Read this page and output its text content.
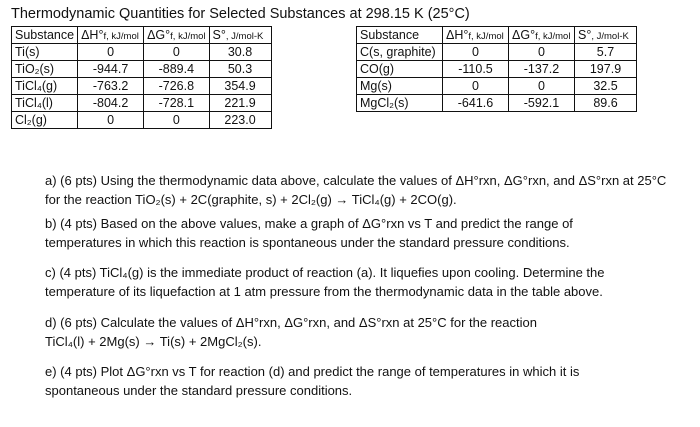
Thermodynamic Quantities for Selected Substances at 298.15 K (25°C)
Substance	ΔH°f, kJ/mol	ΔG°f, kJ/mol	S°, J/mol-K
Ti(s)	0	0	30.8
TiO₂(s)	-944.7	-889.4	50.3
TiCl₄(g)	-763.2	-726.8	354.9
TiCl₄(l)	-804.2	-728.1	221.9
Cl₂(g)	0	0	223.0
Substance	ΔH°f, kJ/mol	ΔG°f, kJ/mol	S°, J/mol-K
C(s, graphite)	0	0	5.7
CO(g)	-110.5	-137.2	197.9
Mg(s)	0	0	32.5
MgCl₂(s)	-641.6	-592.1	89.6

a) (6 pts) Using the thermodynamic data above, calculate the values of ΔH°rxn, ΔG°rxn, and ΔS°rxn at 25°C

for the reaction TiO₂(s) + 2C(graphite, s) + 2Cl₂(g) → TiCl₄(g) + 2CO(g).

b) (4 pts) Based on the above values, make a graph of ΔG°rxn vs T and predict the range of

temperatures in which this reaction is spontaneous under the standard pressure conditions.

c) (4 pts) TiCl₄(g) is the immediate product of reaction (a). It liquefies upon cooling. Determine the

temperature of its liquefaction at 1 atm pressure from the thermodynamic data in the table above.

d) (6 pts) Calculate the values of ΔH°rxn, ΔG°rxn, and ΔS°rxn at 25°C for the reaction

TiCl₄(l) + 2Mg(s) → Ti(s) + 2MgCl₂(s).

e) (4 pts) Plot ΔG°rxn vs T for reaction (d) and predict the range of temperatures in which it is

spontaneous under the standard pressure conditions.
